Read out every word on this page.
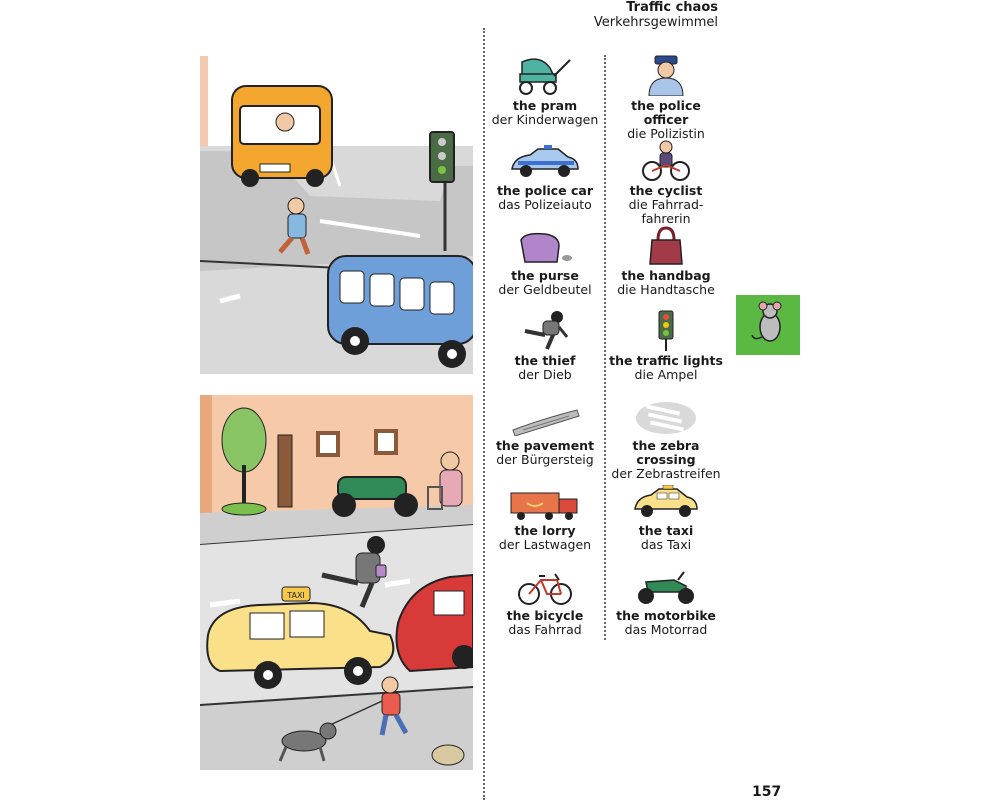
Traffic chaos
Verkehrsgewimmel
TAXI
the pram
der Kinderwagen
the police officer
die Polizistin
the police car
das Polizeiauto
the cyclist
die Fahrrad-fahrerin
the purse
der Geldbeutel
the handbag
die Handtasche
the thief
der Dieb
the traffic lights
die Ampel
the pavement
der Bürgersteig
the zebra crossing
der Zebrastreifen
the lorry
der Lastwagen
the taxi
das Taxi
the bicycle
das Fahrrad
the motorbike
das Motorrad
157
